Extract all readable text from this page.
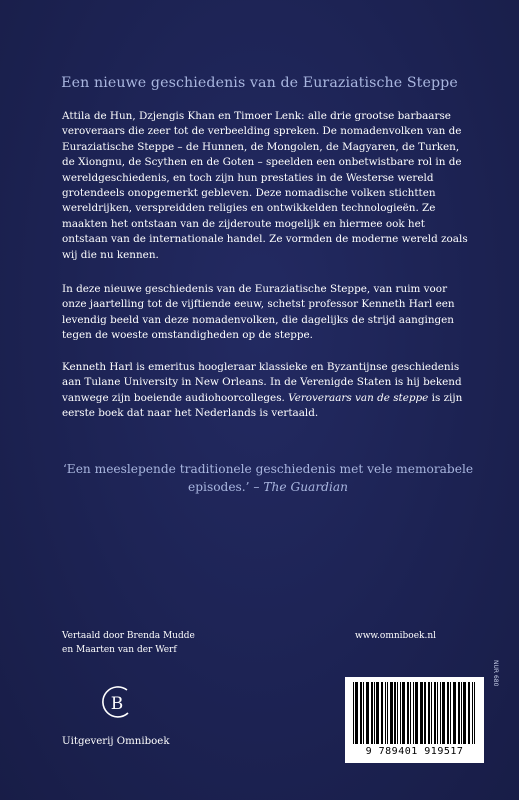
Een nieuwe geschiedenis van de Euraziatische Steppe
Attila de Hun, Dzjengis Khan en Timoer Lenk: alle drie grootse barbaarse veroveraars die zeer tot de verbeelding spreken. De nomadenvolken van de Euraziatische Steppe – de Hunnen, de Mongolen, de Magyaren, de Turken, de Xiongnu, de Scythen en de Goten – speelden een onbetwistbare rol in de wereldgeschiedenis, en toch zijn hun prestaties in de Westerse wereld grotendeels onopgemerkt gebleven. Deze nomadische volken stichtten wereldrijken, verspreidden religies en ontwikkelden technologieën. Ze maakten het ontstaan van de zijderoute mogelijk en hiermee ook het ontstaan van de internationale handel. Ze vormden de moderne wereld zoals wij die nu kennen.
In deze nieuwe geschiedenis van de Euraziatische Steppe, van ruim voor onze jaartelling tot de vijftiende eeuw, schetst professor Kenneth Harl een levendig beeld van deze nomadenvolken, die dagelijks de strijd aangingen tegen de woeste omstandigheden op de steppe.
Kenneth Harl is emeritus hoogleraar klassieke en Byzantijnse geschiedenis aan Tulane University in New Orleans. In de Verenigde Staten is hij bekend vanwege zijn boeiende audiohoorcolleges. Veroveraars van de steppe is zijn eerste boek dat naar het Nederlands is vertaald.
‘Een meeslepende traditionele geschiedenis met vele memorabele episodes.’ – The Guardian
Vertaald door Brenda Mudde
en Maarten van der Werf
www.omniboek.nl
B
Uitgeverij Omniboek
9 789401 919517
NUR 680
